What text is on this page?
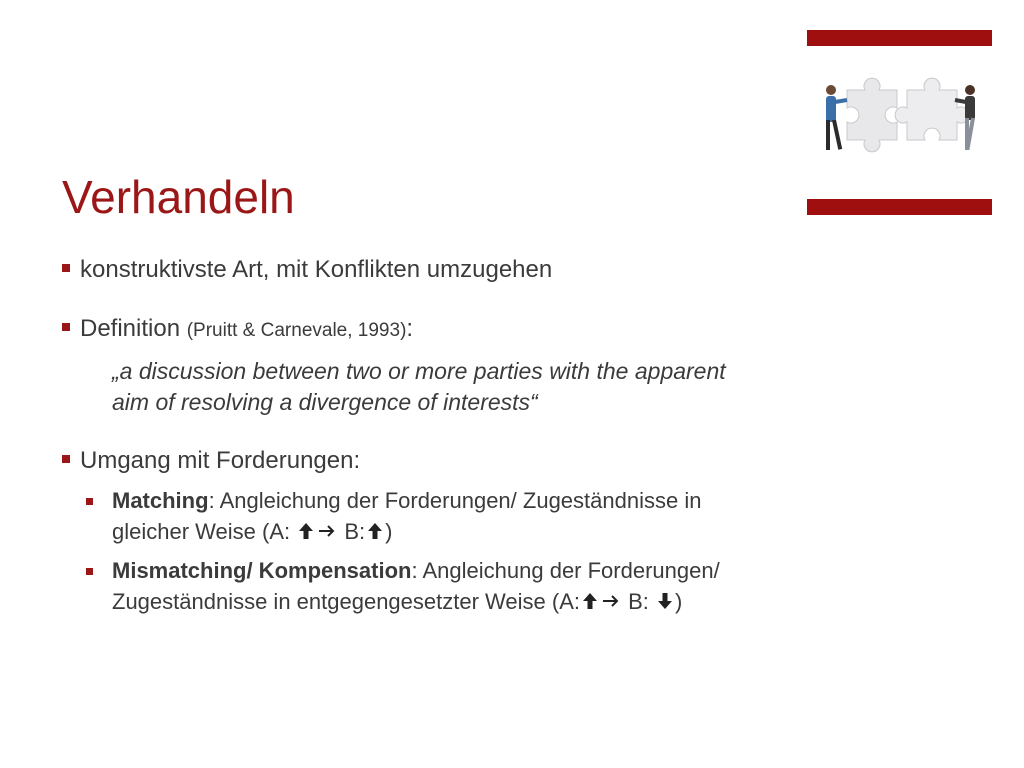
Verhandeln
konstruktivste Art, mit Konflikten umzugehen
Definition (Pruitt & Carnevale, 1993):
„a discussion between two or more parties with the apparent
aim of resolving a divergence of interests“
Umgang mit Forderungen:
Matching: Angleichung der Forderungen/ Zugeständnisse in
gleicher Weise (A:  B: )
Mismatching/ Kompensation: Angleichung der Forderungen/
Zugeständnisse in entgegengesetzter Weise (A: B: )
